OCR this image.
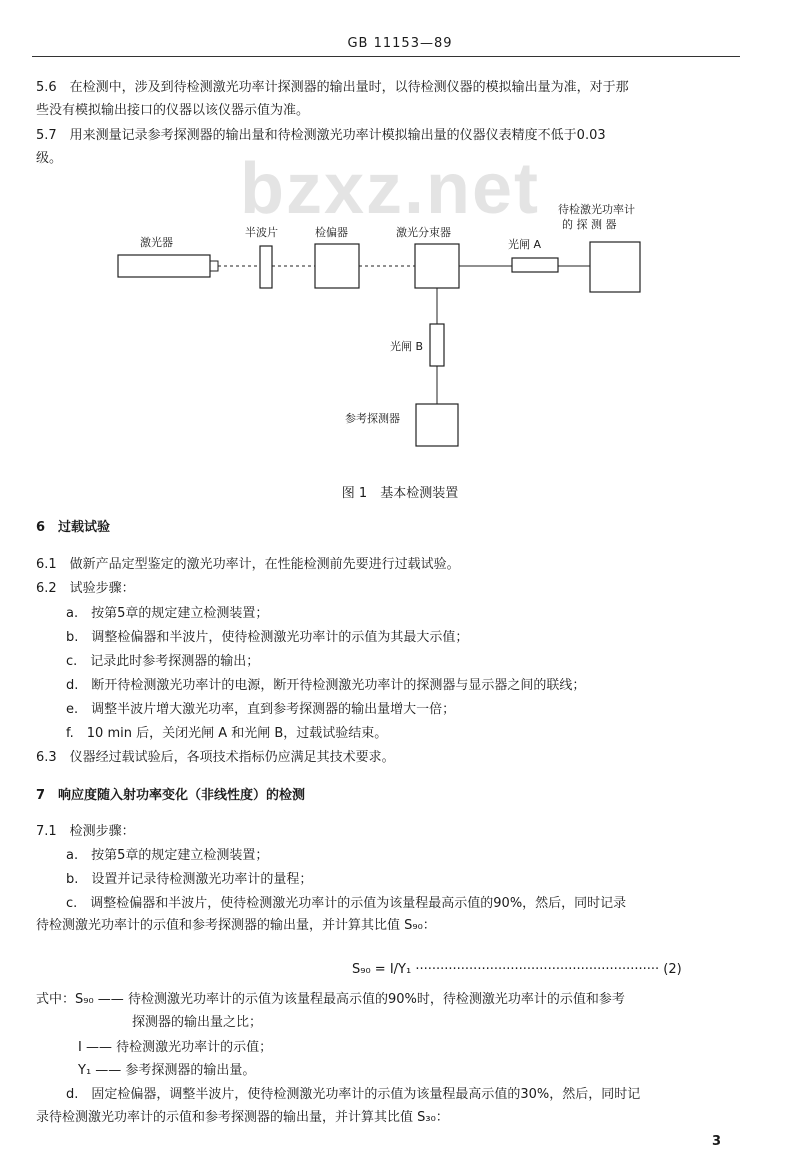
GB 11153—89
bzxz.net
5.6　在检测中，涉及到待检测激光功率计探测器的输出量时，以待检测仪器的模拟输出量为准，对于那
些没有模拟输出接口的仪器以该仪器示值为准。
5.7　用来测量记录参考探测器的输出量和待检测激光功率计模拟输出量的仪器仪表精度不低于0.03
级。
激光器
半波片	检偏器	激光分束器
光闸 A
待检激光功率计
的 探 测 器
光闸 B
参考探测器
图 1　基本检测装置
6　过载试验
6.1　做新产品定型鉴定的激光功率计，在性能检测前先要进行过载试验。
6.2　试验步骤：
a.　按第5章的规定建立检测装置；
b.　调整检偏器和半波片，使待检测激光功率计的示值为其最大示值；
c.　记录此时参考探测器的输出；
d.　断开待检测激光功率计的电源，断开待检测激光功率计的探测器与显示器之间的联线；
e.　调整半波片增大激光功率，直到参考探测器的输出量增大一倍；
f.　10 min 后，关闭光闸 A 和光闸 B，过载试验结束。
6.3　仪器经过载试验后，各项技术指标仍应满足其技术要求。
7　响应度随入射功率变化（非线性度）的检测
7.1　检测步骤：
a.　按第5章的规定建立检测装置；
b.　设置并记录待检测激光功率计的量程；
c.　调整检偏器和半波片，使待检测激光功率计的示值为该量程最高示值的90%，然后，同时记录
待检测激光功率计的示值和参考探测器的输出量，并计算其比值 S₉₀：
S₉₀ = I/Y₁ ··························································· (2)
式中：S₉₀ —— 待检测激光功率计的示值为该量程最高示值的90%时，待检测激光功率计的示值和参考
探测器的输出量之比；
I —— 待检测激光功率计的示值；
Y₁ —— 参考探测器的输出量。
d.　固定检偏器，调整半波片，使待检测激光功率计的示值为该量程最高示值的30%，然后，同时记
录待检测激光功率计的示值和参考探测器的输出量，并计算其比值 S₃₀：
3
